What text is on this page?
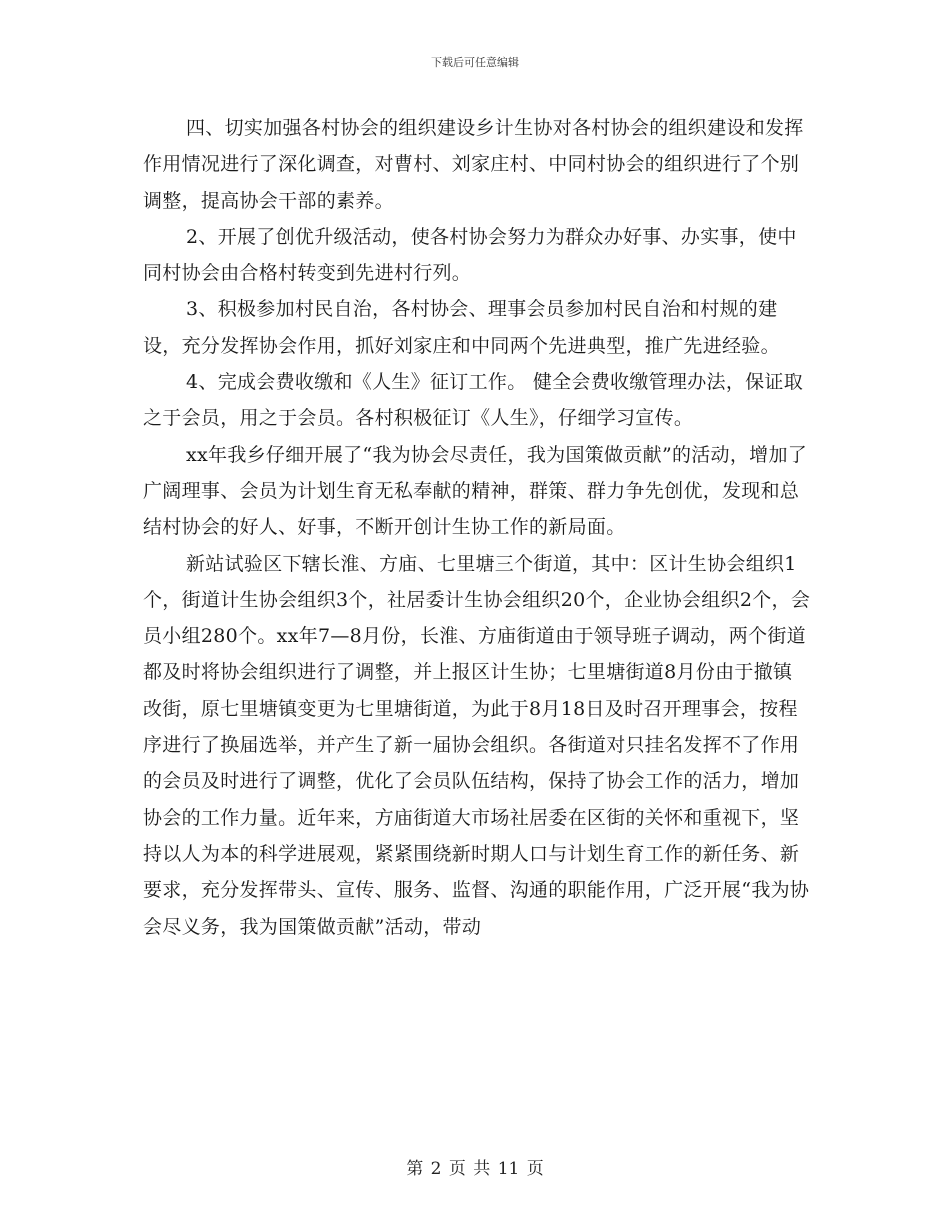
下载后可任意编辑

四、切实加强各村协会的组织建设乡计生协对各村协会的组织建设和发挥作用情况进行了深化调查，对曹村、刘家庄村、中同村协会的组织进行了个别调整，提高协会干部的素养。

2、开展了创优升级活动，使各村协会努力为群众办好事、办实事，使中同村协会由合格村转变到先进村行列。

3、积极参加村民自治，各村协会、理事会员参加村民自治和村规的建设，充分发挥协会作用，抓好刘家庄和中同两个先进典型，推广先进经验。

4、完成会费收缴和《人生》征订工作。 健全会费收缴管理办法，保证取之于会员，用之于会员。各村积极征订《人生》，仔细学习宣传。

xx年我乡仔细开展了“我为协会尽责任，我为国策做贡献”的活动，增加了广阔理事、会员为计划生育无私奉献的精神，群策、群力争先创优，发现和总结村协会的好人、好事，不断开创计生协工作的新局面。

新站试验区下辖长淮、方庙、七里塘三个街道，其中：区计生协会组织1个，街道计生协会组织3个，社居委计生协会组织20个，企业协会组织2个，会员小组280个。xx年7—8月份，长淮、方庙街道由于领导班子调动，两个街道都及时将协会组织进行了调整，并上报区计生协；七里塘街道8月份由于撤镇改街，原七里塘镇变更为七里塘街道，为此于8月18日及时召开理事会，按程序进行了换届选举，并产生了新一届协会组织。各街道对只挂名发挥不了作用的会员及时进行了调整，优化了会员队伍结构，保持了协会工作的活力，增加协会的工作力量。近年来，方庙街道大市场社居委在区街的关怀和重视下，坚持以人为本的科学进展观，紧紧围绕新时期人口与计划生育工作的新任务、新要求，充分发挥带头、宣传、服务、监督、沟通的职能作用，广泛开展“我为协会尽义务，我为国策做贡献”活动，带动

第 2 页 共 11 页
